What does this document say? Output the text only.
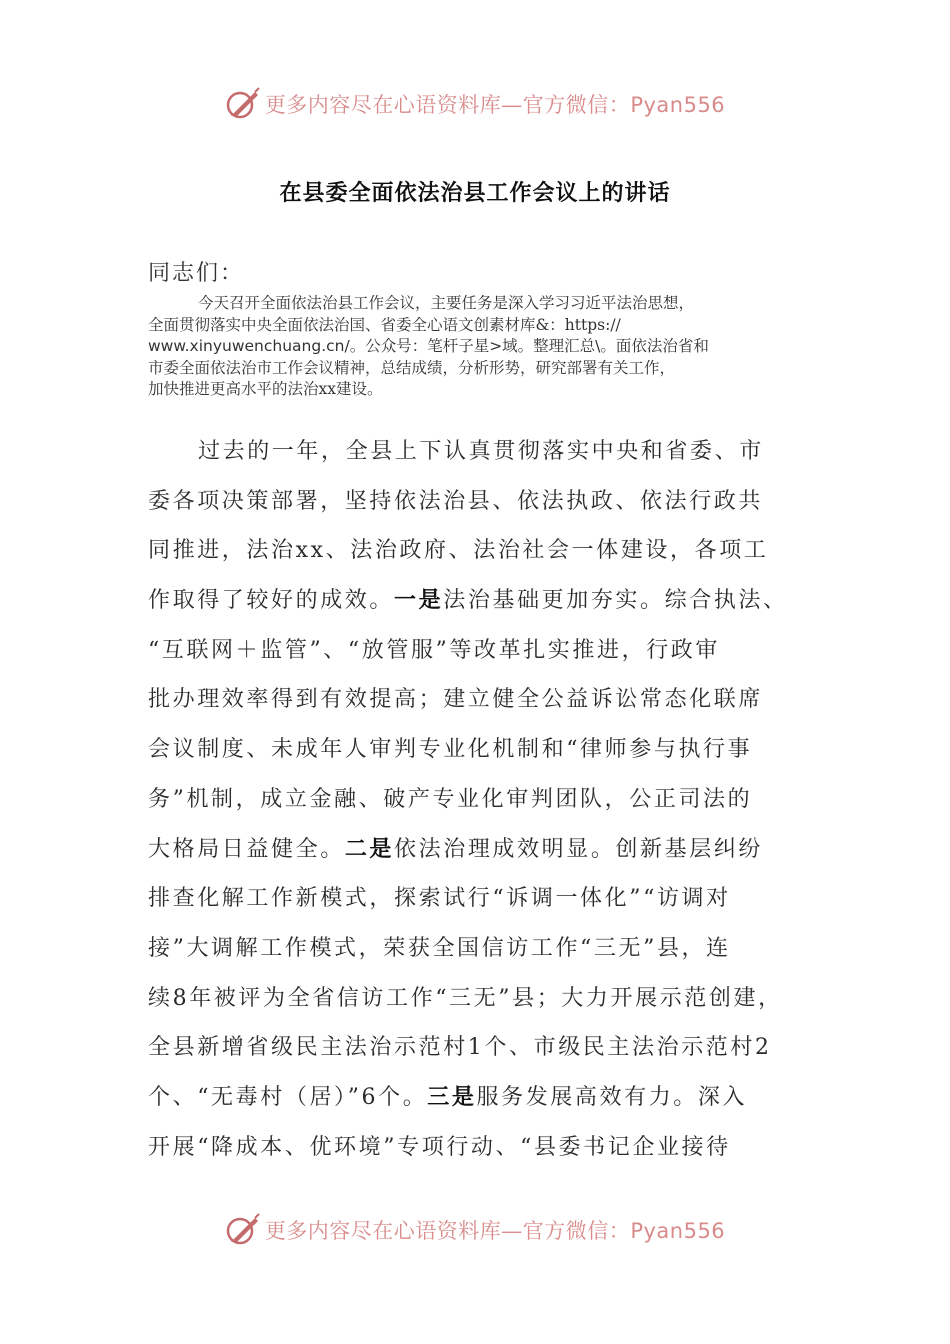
更多内容尽在心语资料库—官方微信：Pyan556
在县委全面依法治县工作会议上的讲话
同志们：
今天召开全面依法治县工作会议，主要任务是深入学习习近平法治思想，
全面贯彻落实中央全面依法治国、省委全心语文创素材库&：https://
www.xinyuwenchuang.cn/。公众号：笔杆子星>域。整理汇总\。面依法治省和
市委全面依法治市工作会议精神，总结成绩，分析形势，研究部署有关工作，
加快推进更高水平的法治xx建设。
过去的一年，全县上下认真贯彻落实中央和省委、市
委各项决策部署，坚持依法治县、依法执政、依法行政共
同推进，法治xx、法治政府、法治社会一体建设，各项工
作取得了较好的成效。一是法治基础更加夯实。综合执法、
“互联网＋监管”、“放管服”等改革扎实推进，行政审
批办理效率得到有效提高；建立健全公益诉讼常态化联席
会议制度、未成年人审判专业化机制和“律师参与执行事
务”机制，成立金融、破产专业化审判团队，公正司法的
大格局日益健全。二是依法治理成效明显。创新基层纠纷
排查化解工作新模式，探索试行“诉调一体化”“访调对
接”大调解工作模式，荣获全国信访工作“三无”县，连
续8年被评为全省信访工作“三无”县；大力开展示范创建，
全县新增省级民主法治示范村1个、市级民主法治示范村2
个、“无毒村（居）”6个。三是服务发展高效有力。深入
开展“降成本、优环境”专项行动、“县委书记企业接待
更多内容尽在心语资料库—官方微信：Pyan556
